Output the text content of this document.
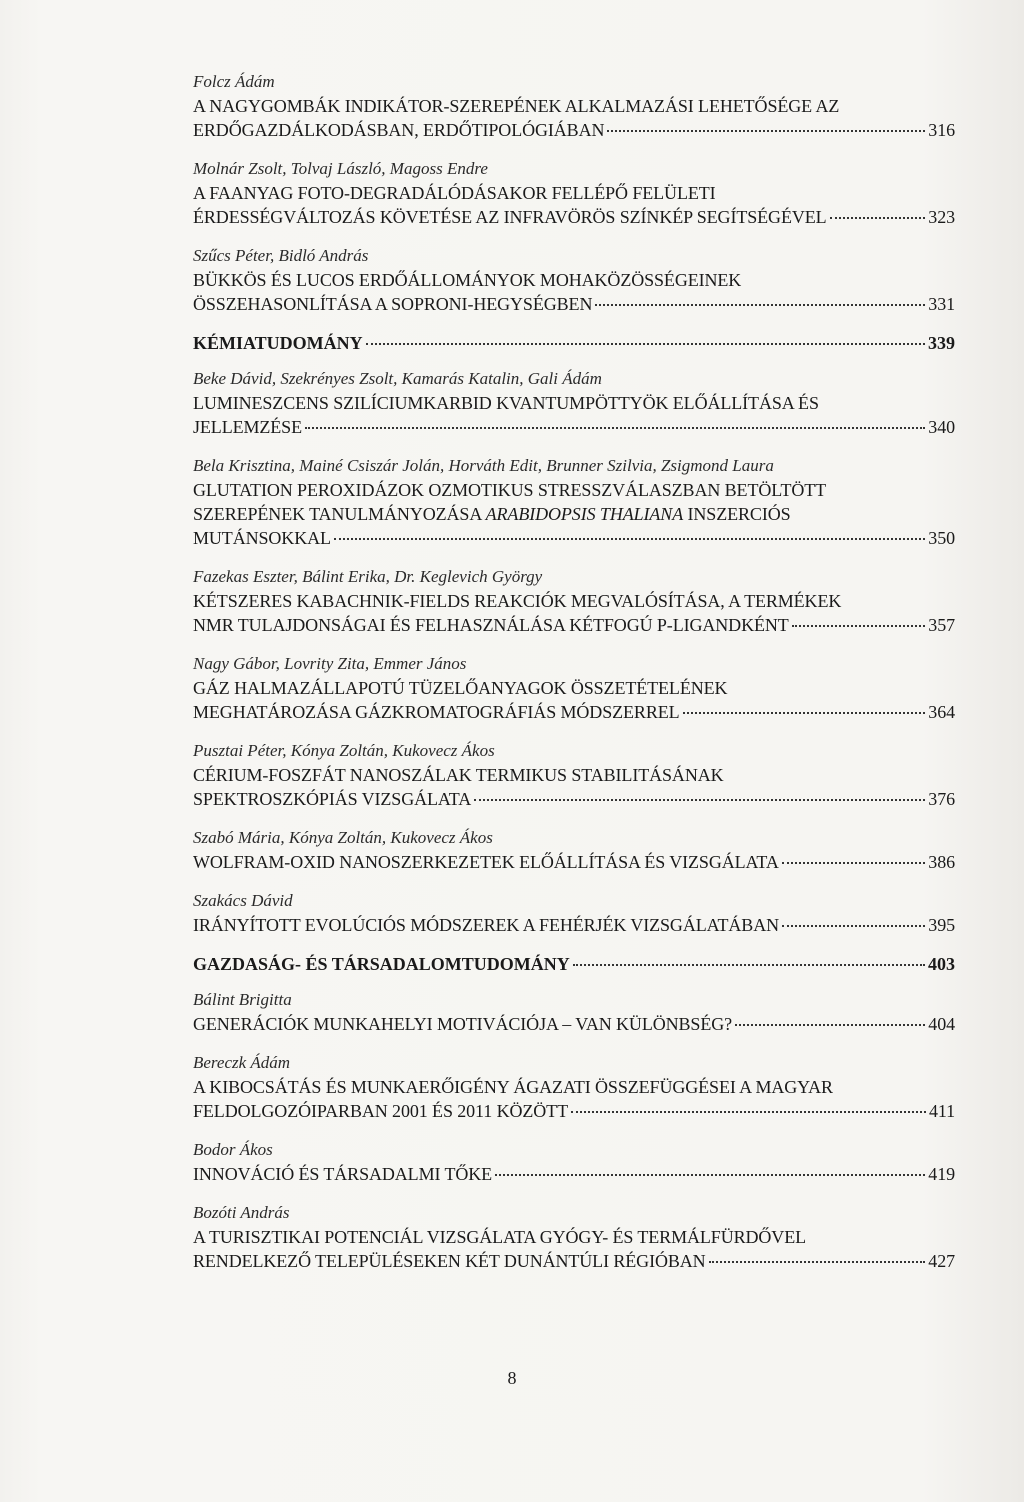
Folcz Ádám
A NAGYGOMBÁK INDIKÁTOR-SZEREPÉNEK ALKALMAZÁSI LEHETŐSÉGE AZ
ERDŐGAZDÁLKODÁSBAN, ERDŐTIPOLÓGIÁBAN	316
Molnár Zsolt, Tolvaj László, Magoss Endre
A FAANYAG FOTO-DEGRADÁLÓDÁSAKOR FELLÉPŐ FELÜLETI
ÉRDESSÉGVÁLTOZÁS KÖVETÉSE AZ INFRAVÖRÖS SZÍNKÉP SEGÍTSÉGÉVEL	323
Szűcs Péter, Bidló András
BÜKKÖS ÉS LUCOS ERDŐÁLLOMÁNYOK MOHAKÖZÖSSÉGEINEK
ÖSSZEHASONLÍTÁSA A SOPRONI-HEGYSÉGBEN	331
KÉMIATUDOMÁNY	339
Beke Dávid, Szekrényes Zsolt, Kamarás Katalin, Gali Ádám
LUMINESZCENS SZILÍCIUMKARBID KVANTUMPÖTTYÖK ELŐÁLLÍTÁSA ÉS
JELLEMZÉSE	340
Bela Krisztina, Mainé Csiszár Jolán, Horváth Edit, Brunner Szilvia, Zsigmond Laura
GLUTATION PEROXIDÁZOK OZMOTIKUS STRESSZVÁLASZBAN BETÖLTÖTT
SZEREPÉNEK TANULMÁNYOZÁSA ARABIDOPSIS THALIANA INSZERCIÓS
MUTÁNSOKKAL	350
Fazekas Eszter, Bálint Erika, Dr. Keglevich György
KÉTSZERES KABACHNIK-FIELDS REAKCIÓK MEGVALÓSÍTÁSA, A TERMÉKEK
NMR TULAJDONSÁGAI ÉS FELHASZNÁLÁSA KÉTFOGÚ P-LIGANDKÉNT	357
Nagy Gábor, Lovrity Zita, Emmer János
GÁZ HALMAZÁLLAPOTÚ TÜZELŐANYAGOK ÖSSZETÉTELÉNEK
MEGHATÁROZÁSA GÁZKROMATOGRÁFIÁS MÓDSZERREL	364
Pusztai Péter, Kónya Zoltán, Kukovecz Ákos
CÉRIUM-FOSZFÁT NANOSZÁLAK TERMIKUS STABILITÁSÁNAK
SPEKTROSZKÓPIÁS VIZSGÁLATA	376
Szabó Mária, Kónya Zoltán, Kukovecz Ákos
WOLFRAM-OXID NANOSZERKEZETEK ELŐÁLLÍTÁSA ÉS VIZSGÁLATA	386
Szakács Dávid
IRÁNYÍTOTT EVOLÚCIÓS MÓDSZEREK A FEHÉRJÉK VIZSGÁLATÁBAN	395
GAZDASÁG- ÉS TÁRSADALOMTUDOMÁNY	403
Bálint Brigitta
GENERÁCIÓK MUNKAHELYI MOTIVÁCIÓJA – VAN KÜLÖNBSÉG?	404
Bereczk Ádám
A KIBOCSÁTÁS ÉS MUNKAERŐIGÉNY ÁGAZATI ÖSSZEFÜGGÉSEI A MAGYAR
FELDOLGOZÓIPARBAN 2001 ÉS 2011 KÖZÖTT	411
Bodor Ákos
INNOVÁCIÓ ÉS TÁRSADALMI TŐKE	419
Bozóti András
A TURISZTIKAI POTENCIÁL VIZSGÁLATA GYÓGY- ÉS TERMÁLFÜRDŐVEL
RENDELKEZŐ TELEPÜLÉSEKEN KÉT DUNÁNTÚLI RÉGIÓBAN	427
8
